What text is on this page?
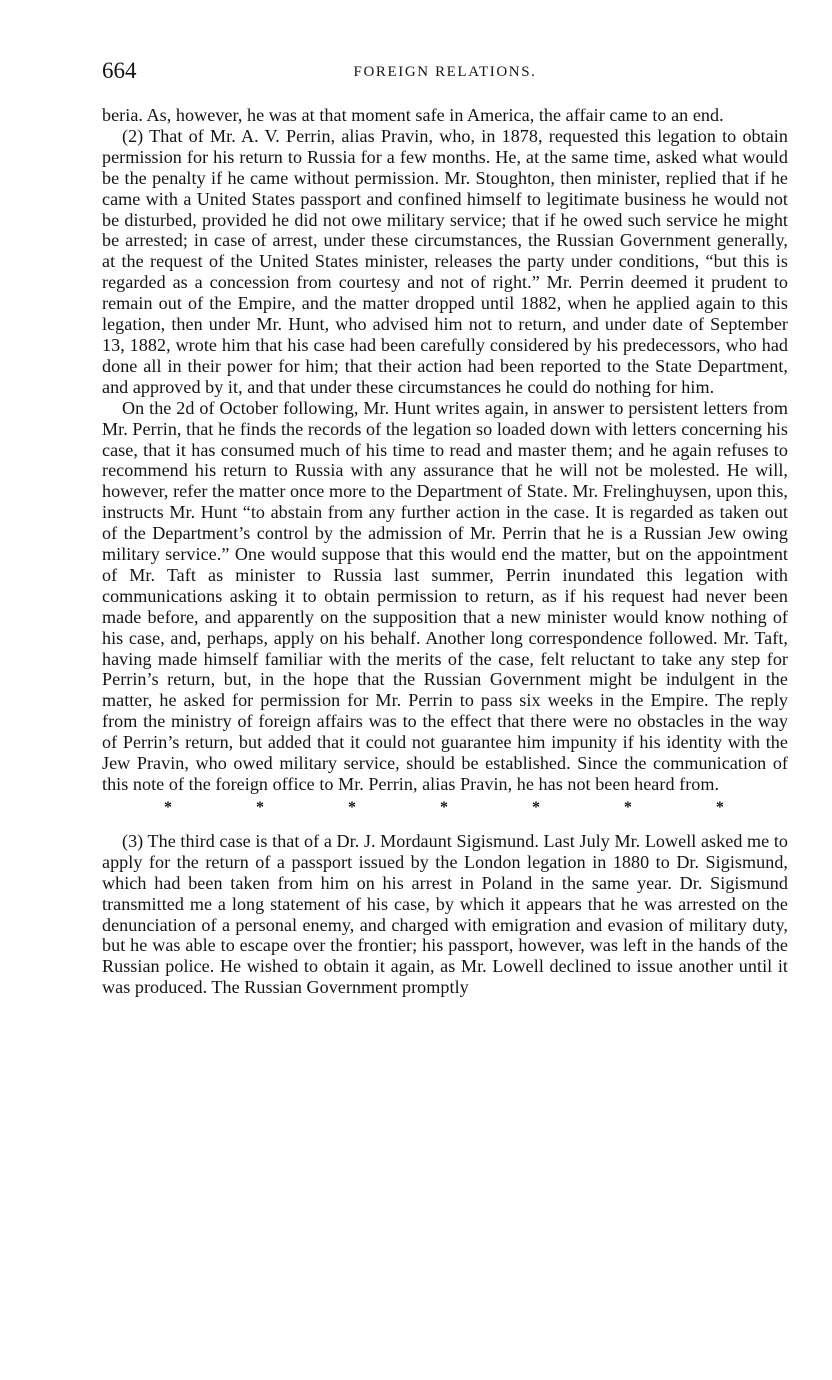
664	FOREIGN RELATIONS.

beria. As, however, he was at that moment safe in America, the affair came to an end.

(2) That of Mr. A. V. Perrin, alias Pravin, who, in 1878, requested this legation to obtain permission for his return to Russia for a few months. He, at the same time, asked what would be the penalty if he came without permission. Mr. Stoughton, then minister, replied that if he came with a United States passport and confined himself to legitimate business he would not be disturbed, provided he did not owe military service; that if he owed such service he might be arrested; in case of arrest, under these circumstances, the Russian Government generally, at the request of the United States minister, releases the party under conditions, “but this is regarded as a concession from courtesy and not of right.” Mr. Perrin deemed it prudent to remain out of the Empire, and the matter dropped until 1882, when he applied again to this legation, then under Mr. Hunt, who advised him not to return, and under date of September 13, 1882, wrote him that his case had been carefully considered by his predecessors, who had done all in their power for him; that their action had been reported to the State Department, and approved by it, and that under these circumstances he could do nothing for him.

On the 2d of October following, Mr. Hunt writes again, in answer to persistent letters from Mr. Perrin, that he finds the records of the legation so loaded down with letters concerning his case, that it has consumed much of his time to read and master them; and he again refuses to recommend his return to Russia with any assurance that he will not be molested. He will, however, refer the matter once more to the Department of State. Mr. Frelinghuysen, upon this, instructs Mr. Hunt “to abstain from any further action in the case. It is regarded as taken out of the Department’s control by the admission of Mr. Perrin that he is a Russian Jew owing military service.” One would suppose that this would end the matter, but on the appointment of Mr. Taft as minister to Russia last summer, Perrin inundated this legation with communications asking it to obtain permission to return, as if his request had never been made before, and apparently on the supposition that a new minister would know nothing of his case, and, perhaps, apply on his behalf. Another long correspondence followed. Mr. Taft, having made himself familiar with the merits of the case, felt reluctant to take any step for Perrin’s return, but, in the hope that the Russian Government might be indulgent in the matter, he asked for permission for Mr. Perrin to pass six weeks in the Empire. The reply from the ministry of foreign affairs was to the effect that there were no obstacles in the way of Perrin’s return, but added that it could not guarantee him impunity if his identity with the Jew Pravin, who owed military service, should be established. Since the communication of this note of the foreign office to Mr. Perrin, alias Pravin, he has not been heard from.

*	*	*	*	*	*	*

(3) The third case is that of a Dr. J. Mordaunt Sigismund. Last July Mr. Lowell asked me to apply for the return of a passport issued by the London legation in 1880 to Dr. Sigismund, which had been taken from him on his arrest in Poland in the same year. Dr. Sigismund transmitted me a long statement of his case, by which it appears that he was arrested on the denunciation of a personal enemy, and charged with emigration and evasion of military duty, but he was able to escape over the frontier; his passport, however, was left in the hands of the Russian police. He wished to obtain it again, as Mr. Lowell declined to issue another until it was produced. The Russian Government promptly
